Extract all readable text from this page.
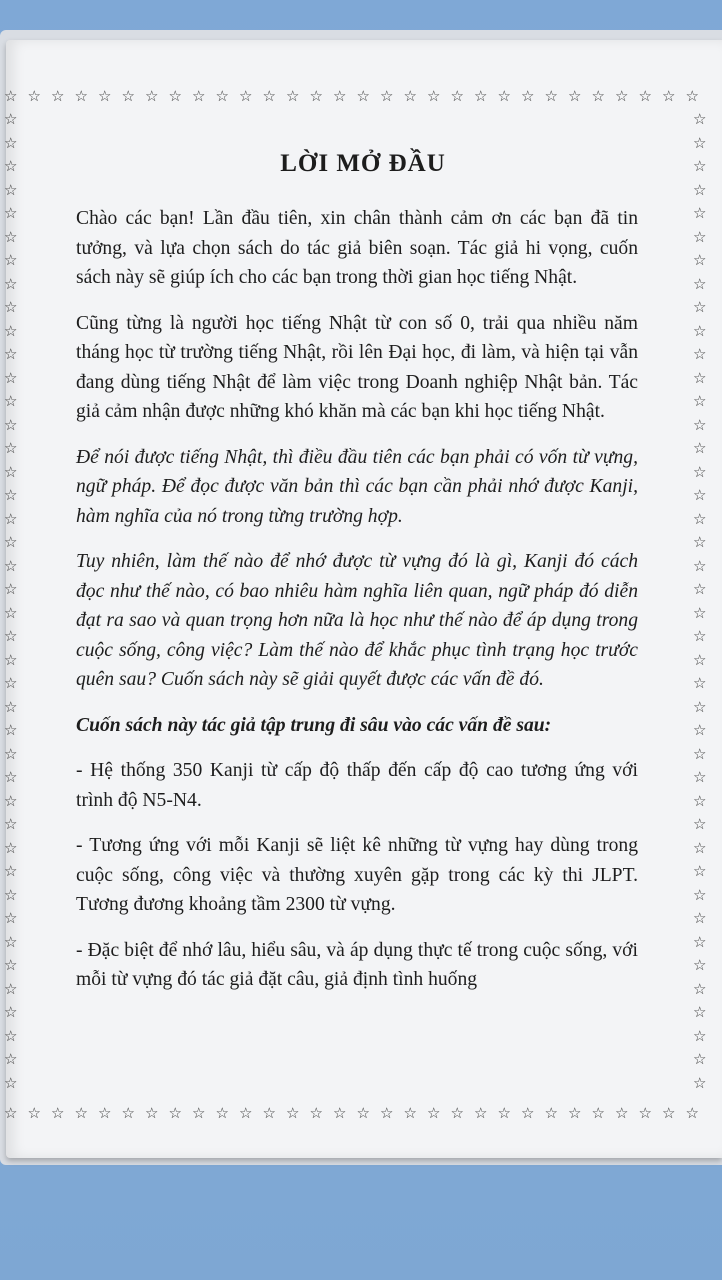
☆
☆
☆
☆
☆
☆
☆
☆
☆
☆
☆
☆
☆
☆
☆
☆
☆
☆
☆
☆
☆
☆
☆
☆
☆
☆
☆
☆
☆
☆
☆
☆
☆
☆
☆
☆
☆
☆
☆
☆
☆
☆
☆
☆
☆
☆
☆
☆
☆
☆
☆
☆
☆
☆
☆
☆
☆
☆
☆
☆
☆	☆
☆	☆
☆	☆
☆	☆
☆	☆
☆	☆
☆	☆
☆	☆
☆	☆
☆	☆
☆	☆
☆	☆
☆	☆
☆	☆
☆	☆
☆	☆
☆	☆
☆	☆
☆	☆
☆	☆
☆	☆
☆	☆
☆	☆
☆	☆
☆	☆
☆	☆
☆	☆
☆	☆
☆	☆
☆	☆
☆	☆
☆	☆
☆	☆
☆	☆
☆	☆
☆	☆
☆	☆
☆	☆
☆	☆
☆	☆
☆	☆
☆	☆
LỜI MỞ ĐẦU

Chào các bạn! Lần đầu tiên, xin chân thành cảm ơn các bạn đã tin tưởng, và lựa chọn sách do tác giả biên soạn. Tác giả hi vọng, cuốn sách này sẽ giúp ích cho các bạn trong thời gian học tiếng Nhật.

Cũng từng là người học tiếng Nhật từ con số 0, trải qua nhiều năm tháng học từ trường tiếng Nhật, rồi lên Đại học, đi làm, và hiện tại vẫn đang dùng tiếng Nhật để làm việc trong Doanh nghiệp Nhật bản. Tác giả cảm nhận được những khó khăn mà các bạn khi học tiếng Nhật.

Để nói được tiếng Nhật, thì điều đầu tiên các bạn phải có vốn từ vựng, ngữ pháp. Để đọc được văn bản thì các bạn cần phải nhớ được Kanji, hàm nghĩa của nó trong từng trường hợp.

Tuy nhiên, làm thế nào để nhớ được từ vựng đó là gì, Kanji đó cách đọc như thế nào, có bao nhiêu hàm nghĩa liên quan, ngữ pháp đó diễn đạt ra sao và quan trọng hơn nữa là học như thế nào để áp dụng trong cuộc sống, công việc? Làm thế nào để khắc phục tình trạng học trước quên sau? Cuốn sách này sẽ giải quyết được các vấn đề đó.

Cuốn sách này tác giả tập trung đi sâu vào các vấn đề sau:

- Hệ thống 350 Kanji từ cấp độ thấp đến cấp độ cao tương ứng với trình độ N5-N4.

- Tương ứng với mỗi Kanji sẽ liệt kê những từ vựng hay dùng trong cuộc sống, công việc và thường xuyên gặp trong các kỳ thi JLPT. Tương đương khoảng tầm 2300 từ vựng.

- Đặc biệt để nhớ lâu, hiểu sâu, và áp dụng thực tế trong cuộc sống, với mỗi từ vựng đó tác giả đặt câu, giả định tình huống
